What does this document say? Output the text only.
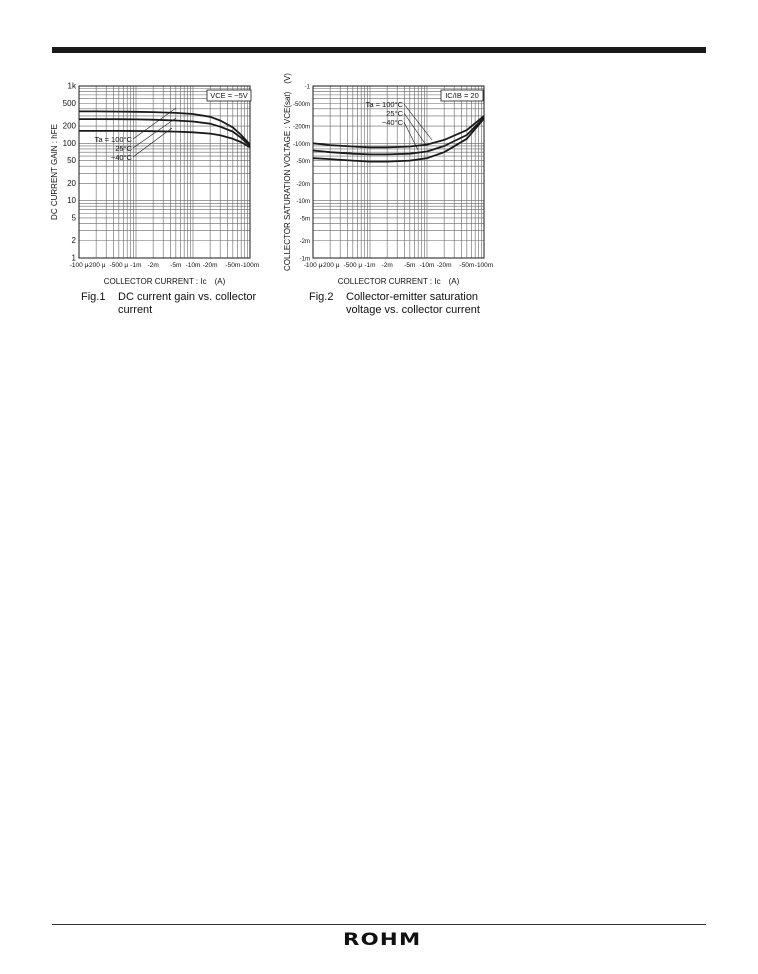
-100 μ
-200 μ -500 μ -1m -2m -5m -10m -20m -50m -100m
1
2
5
10
20
50
100
200
500
1k
COLLECTOR CURRENT : Ic　(A)
DC CURRENT GAIN : hFE
VCE = −5V
Ta = 100°C
25°C
−40°C
-100 μ
-200 μ -500 μ -1m -2m -5m -10m -20m -50m -100m
-1m
-2m
-5m
-10m
-20m
-50m
-100m
-200m
-500m
-1
COLLECTOR CURRENT : Ic　(A)
COLLECTOR SATURATION VOLTAGE : VCE(sat)　(V)	IC/IB = 20
Ta = 100°C
25°C
−40°C
Fig.1 DC current gain vs. collector current
Fig.2 Collector-emitter saturation voltage vs. collector current
ROHM
